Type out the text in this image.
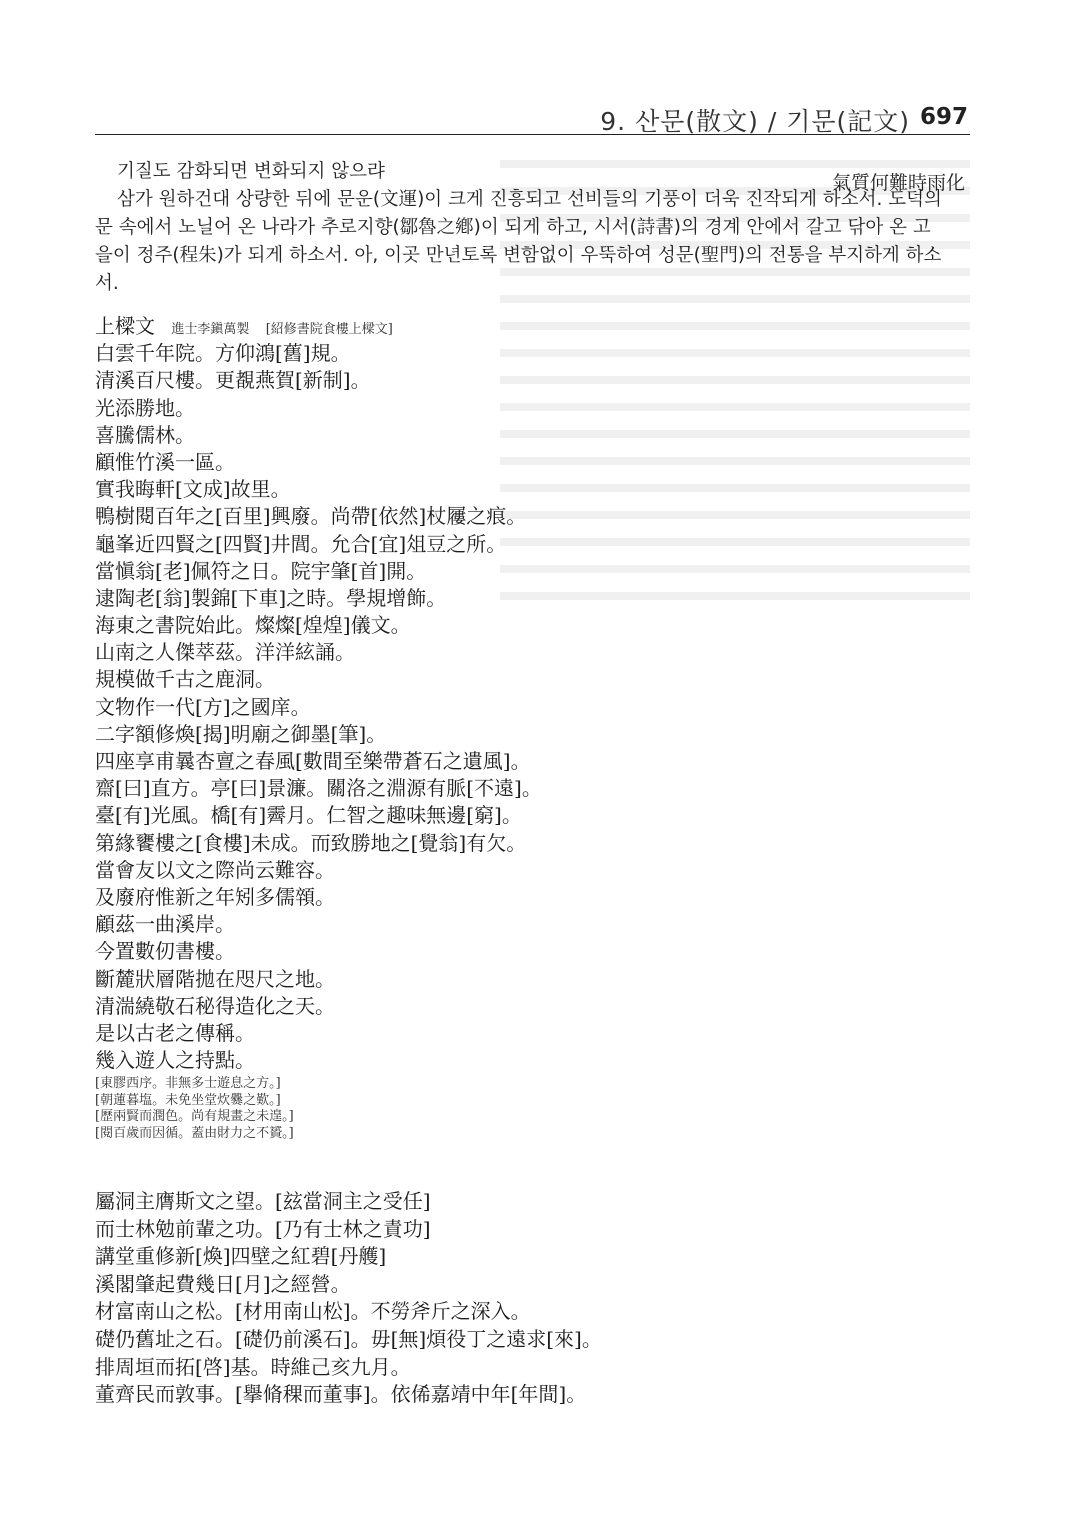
9. 산문(散文) / 기문(記文) 697
氣質何難時雨化
기질도 감화되면 변화되지 않으랴
삼가 원하건대 상량한 뒤에 문운(文運)이 크게 진흥되고 선비들의 기풍이 더욱 진작되게 하소서. 도덕의
문 속에서 노닐어 온 나라가 추로지향(鄒魯之鄕)이 되게 하고, 시서(詩書)의 경계 안에서 갈고 닦아 온 고
을이 정주(程朱)가 되게 하소서. 아, 이곳 만년토록 변함없이 우뚝하여 성문(聖門)의 전통을 부지하게 하소
서.
上樑文 進士李鎭萬製 [紹修書院食樓上樑文]
白雲千年院。方仰鴻[舊]規。
清溪百尺樓。更覩燕賀[新制]。
光添勝地。
喜騰儒林。
顧惟竹溪一區。
實我晦軒[文成]故里。
鴨樹閱百年之[百里]興廢。尚帶[依然]杖屨之痕。
龜峯近四賢之[四賢]井閭。允合[宜]俎豆之所。
當愼翁[老]佩符之日。院宇肇[首]開。
逮陶老[翁]製錦[下車]之時。學規增飾。
海東之書院始此。燦燦[煌煌]儀文。
山南之人傑萃茲。洋洋絃誦。
規模做千古之鹿洞。
文物作一代[方]之國庠。
二字額修煥[揭]明廟之御墨[筆]。
四座享甫曩杏亶之春風[數間至樂帶蒼石之遺風]。
齋[曰]直方。亭[曰]景濂。關洛之淵源有脈[不遠]。
臺[有]光風。橋[有]霽月。仁智之趣味無邊[窮]。
第緣饔樓之[食樓]未成。而致勝地之[覺翁]有欠。
當會友以文之際尚云難容。
及廢府惟新之年矧多儒顇。
顧茲一曲溪岸。
今置數仞書樓。
斷麓狀層階拋在咫尺之地。
清湍繞敬石秘得造化之天。
是以古老之傳稱。
幾入遊人之持點。
[東膠西序。非無多士遊息之方。]
[朝蓮暮塩。未免坐堂炊爨之歎。]
[歷兩賢而潤色。尚有規畫之未遑。]
[閱百歲而因循。蓋由財力之不贇。]
屬洞主膺斯文之望。[玆當洞主之受任]
而士林勉前輩之功。[乃有士林之責功]
講堂重修新[煥]四壁之紅碧[丹艧]
溪閣肇起費幾日[月]之經營。
材富南山之松。[材用南山松]。不勞斧斤之深入。
礎仍舊址之石。[礎仍前溪石]。毋[無]煩役丁之遠求[來]。
排周垣而拓[啓]基。時維己亥九月。
董齊民而敦事。[擧脩稞而董事]。依俙嘉靖中年[年間]。
